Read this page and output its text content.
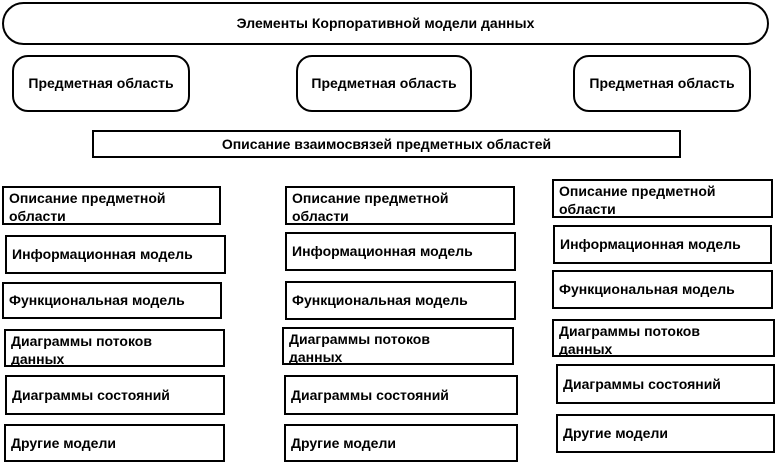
Элементы Корпоративной модели данных
Предметная область	Предметная область	Предметная область
Описание взаимосвязей предметных областей
Описание предметной области
Информационная модель
Функциональная модель
Диаграммы потоков данных
Диаграммы состояний
Другие модели
Описание предметной области
Информационная модель
Функциональная модель
Диаграммы потоков данных
Диаграммы состояний
Другие модели
Описание предметной области
Информационная модель
Функциональная модель
Диаграммы потоков данных
Диаграммы состояний
Другие модели
